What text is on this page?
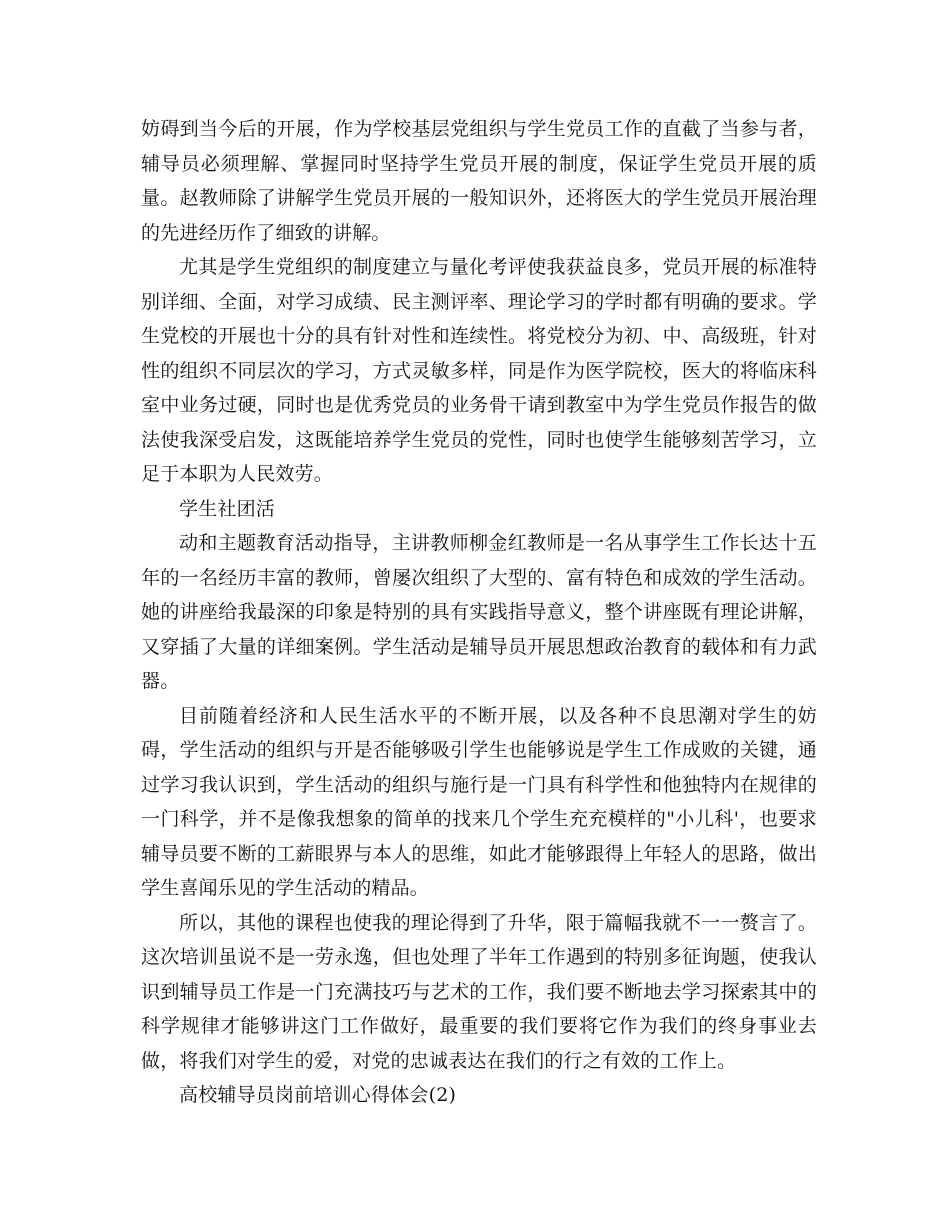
妨碍到当今后的开展，作为学校基层党组织与学生党员工作的直截了当参与者，辅导员必须理解、掌握同时坚持学生党员开展的制度，保证学生党员开展的质量。赵教师除了讲解学生党员开展的一般知识外，还将医大的学生党员开展治理的先进经历作了细致的讲解。

尤其是学生党组织的制度建立与量化考评使我获益良多，党员开展的标准特别详细、全面，对学习成绩、民主测评率、理论学习的学时都有明确的要求。学生党校的开展也十分的具有针对性和连续性。将党校分为初、中、高级班，针对性的组织不同层次的学习，方式灵敏多样，同是作为医学院校，医大的将临床科室中业务过硬，同时也是优秀党员的业务骨干请到教室中为学生党员作报告的做法使我深受启发，这既能培养学生党员的党性，同时也使学生能够刻苦学习，立足于本职为人民效劳。

学生社团活

动和主题教育活动指导，主讲教师柳金红教师是一名从事学生工作长达十五年的一名经历丰富的教师，曾屡次组织了大型的、富有特色和成效的学生活动。她的讲座给我最深的印象是特别的具有实践指导意义，整个讲座既有理论讲解，又穿插了大量的详细案例。学生活动是辅导员开展思想政治教育的载体和有力武器。

目前随着经济和人民生活水平的不断开展，以及各种不良思潮对学生的妨碍，学生活动的组织与开是否能够吸引学生也能够说是学生工作成败的关键，通过学习我认识到，学生活动的组织与施行是一门具有科学性和他独特内在规律的一门科学，并不是像我想象的简单的找来几个学生充充模样的"小儿科'，也要求辅导员要不断的工薪眼界与本人的思维，如此才能够跟得上年轻人的思路，做出学生喜闻乐见的学生活动的精品。

所以，其他的课程也使我的理论得到了升华，限于篇幅我就不一一赘言了。这次培训虽说不是一劳永逸，但也处理了半年工作遇到的特别多征询题，使我认识到辅导员工作是一门充满技巧与艺术的工作，我们要不断地去学习探索其中的科学规律才能够讲这门工作做好，最重要的我们要将它作为我们的终身事业去做，将我们对学生的爱，对党的忠诚表达在我们的行之有效的工作上。

高校辅导员岗前培训心得体会(2)
